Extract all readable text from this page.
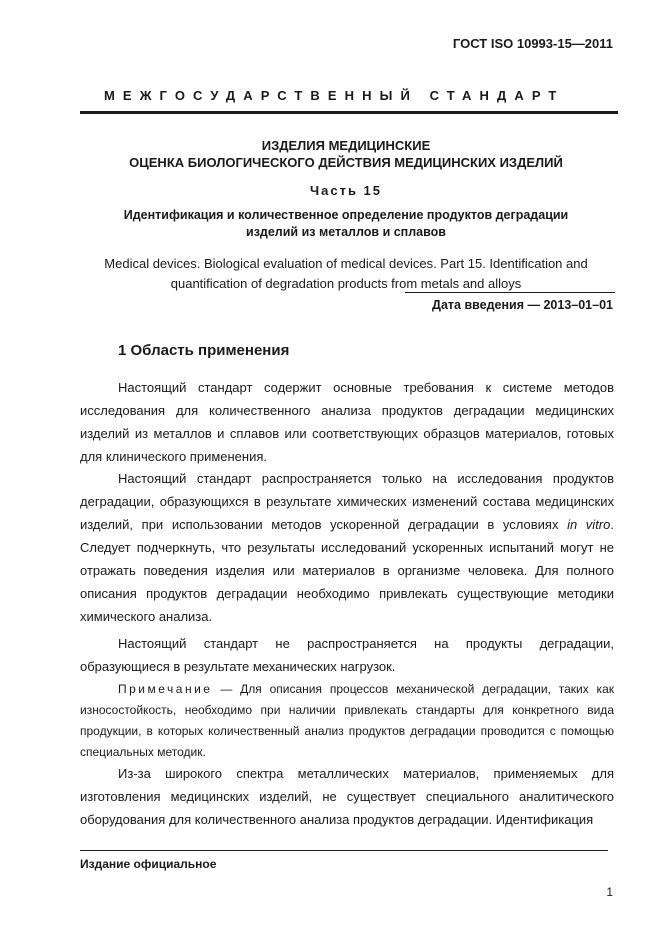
ГОСТ ISO 10993-15—2011
МЕЖГОСУДАРСТВЕННЫЙ СТАНДАРТ
ИЗДЕЛИЯ МЕДИЦИНСКИЕ
ОЦЕНКА БИОЛОГИЧЕСКОГО ДЕЙСТВИЯ МЕДИЦИНСКИХ ИЗДЕЛИЙ
Часть 15
Идентификация и количественное определение продуктов деградации
изделий из металлов и сплавов
Medical devices. Biological evaluation of medical devices. Part 15. Identification and
quantification of degradation products from metals and alloys
Дата введения — 2013–01–01
1 Область применения

Настоящий стандарт содержит основные требования к системе методов исследования для количественного анализа продуктов деградации медицинских изделий из металлов и сплавов или соответствующих образцов материалов, готовых для клинического применения.

Настоящий стандарт распространяется только на исследования продуктов деградации, образующихся в результате химических изменений состава медицинских изделий, при использовании методов ускоренной деградации в условиях in vitro. Следует подчеркнуть, что результаты исследований ускоренных испытаний могут не отражать поведения изделия или материалов в организме человека. Для полного описания продуктов деградации необходимо привлекать существующие методики химического анализа.

Настоящий стандарт не распространяется на продукты деградации, образующиеся в результате механических нагрузок.

Примечание — Для описания процессов механической деградации, таких как износостойкость, необходимо при наличии привлекать стандарты для конкретного вида продукции, в которых количественный анализ продуктов деградации проводится с помощью специальных методик.

Из-за широкого спектра металлических материалов, применяемых для изготовления медицинских изделий, не существует специального аналитического оборудования для количественного анализа продуктов деградации. Идентификация

Издание официальное
1
